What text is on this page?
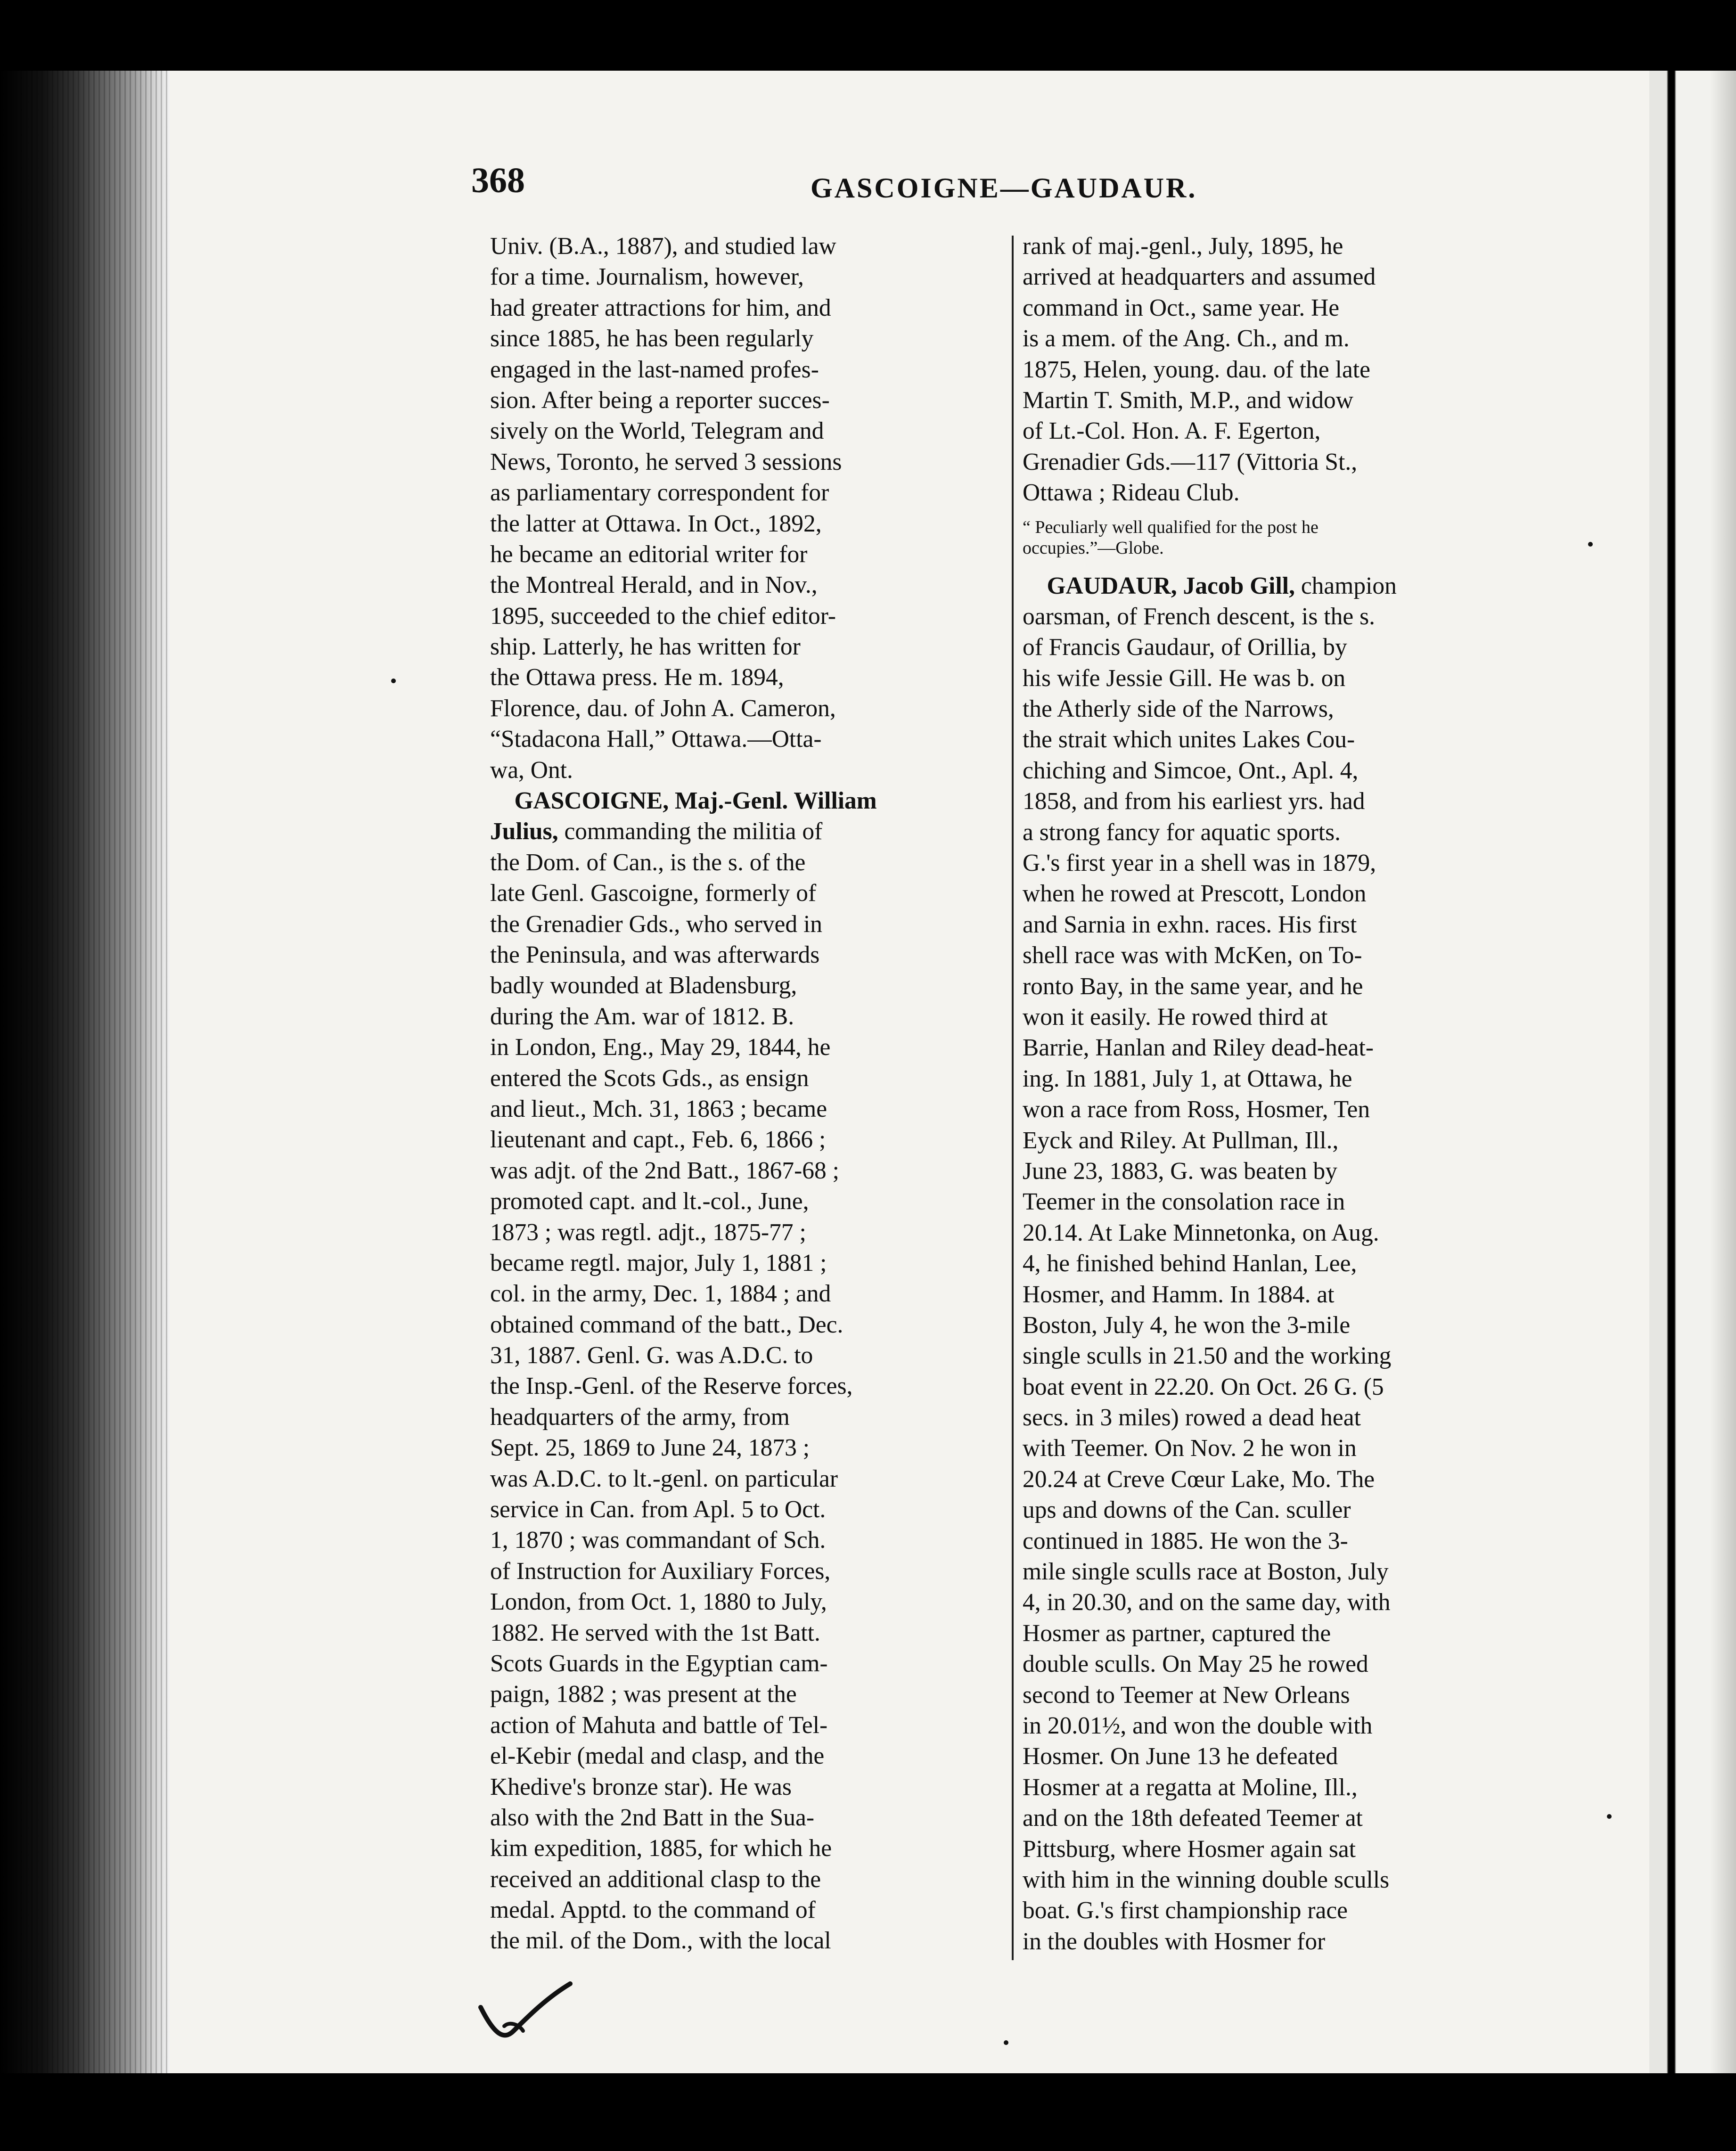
368	GASCOIGNE—GAUDAUR.
Univ. (B.A., 1887), and studied law
for a time. Journalism, however,
had greater attractions for him, and
since 1885, he has been regularly
engaged in the last-named profes-
sion. After being a reporter succes-
sively on the World, Telegram and
News, Toronto, he served 3 sessions
as parliamentary correspondent for
the latter at Ottawa. In Oct., 1892,
he became an editorial writer for
the Montreal Herald, and in Nov.,
1895, succeeded to the chief editor-
ship. Latterly, he has written for
the Ottawa press. He m. 1894,
Florence, dau. of John A. Cameron,
“Stadacona Hall,” Ottawa.—Otta-
wa, Ont.
 GASCOIGNE, Maj.-Genl. William
Julius, commanding the militia of
the Dom. of Can., is the s. of the
late Genl. Gascoigne, formerly of
the Grenadier Gds., who served in
the Peninsula, and was afterwards
badly wounded at Bladensburg,
during the Am. war of 1812. B.
in London, Eng., May 29, 1844, he
entered the Scots Gds., as ensign
and lieut., Mch. 31, 1863 ; became
lieutenant and capt., Feb. 6, 1866 ;
was adjt. of the 2nd Batt., 1867-68 ;
promoted capt. and lt.-col., June,
1873 ; was regtl. adjt., 1875-77 ;
became regtl. major, July 1, 1881 ;
col. in the army, Dec. 1, 1884 ; and
obtained command of the batt., Dec.
31, 1887. Genl. G. was A.D.C. to
the Insp.-Genl. of the Reserve forces,
headquarters of the army, from
Sept. 25, 1869 to June 24, 1873 ;
was A.D.C. to lt.-genl. on particular
service in Can. from Apl. 5 to Oct.
1, 1870 ; was commandant of Sch.
of Instruction for Auxiliary Forces,
London, from Oct. 1, 1880 to July,
1882. He served with the 1st Batt.
Scots Guards in the Egyptian cam-
paign, 1882 ; was present at the
action of Mahuta and battle of Tel-
el-Kebir (medal and clasp, and the
Khedive's bronze star). He was
also with the 2nd Batt in the Sua-
kim expedition, 1885, for which he
received an additional clasp to the
medal. Apptd. to the command of
the mil. of the Dom., with the local
rank of maj.-genl., July, 1895, he
arrived at headquarters and assumed
command in Oct., same year. He
is a mem. of the Ang. Ch., and m.
1875, Helen, young. dau. of the late
Martin T. Smith, M.P., and widow
of Lt.-Col. Hon. A. F. Egerton,
Grenadier Gds.—117 (Vittoria St.,
Ottawa ; Rideau Club.
“ Peculiarly well qualified for the post he
occupies.”—Globe.
 GAUDAUR, Jacob Gill, champion
oarsman, of French descent, is the s.
of Francis Gaudaur, of Orillia, by
his wife Jessie Gill. He was b. on
the Atherly side of the Narrows,
the strait which unites Lakes Cou-
chiching and Simcoe, Ont., Apl. 4,
1858, and from his earliest yrs. had
a strong fancy for aquatic sports.
G.'s first year in a shell was in 1879,
when he rowed at Prescott, London
and Sarnia in exhn. races. His first
shell race was with McKen, on To-
ronto Bay, in the same year, and he
won it easily. He rowed third at
Barrie, Hanlan and Riley dead-heat-
ing. In 1881, July 1, at Ottawa, he
won a race from Ross, Hosmer, Ten
Eyck and Riley. At Pullman, Ill.,
June 23, 1883, G. was beaten by
Teemer in the consolation race in
20.14. At Lake Minnetonka, on Aug.
4, he finished behind Hanlan, Lee,
Hosmer, and Hamm. In 1884. at
Boston, July 4, he won the 3-mile
single sculls in 21.50 and the working
boat event in 22.20. On Oct. 26 G. (5
secs. in 3 miles) rowed a dead heat
with Teemer. On Nov. 2 he won in
20.24 at Creve Cœur Lake, Mo. The
ups and downs of the Can. sculler
continued in 1885. He won the 3-
mile single sculls race at Boston, July
4, in 20.30, and on the same day, with
Hosmer as partner, captured the
double sculls. On May 25 he rowed
second to Teemer at New Orleans
in 20.01½, and won the double with
Hosmer. On June 13 he defeated
Hosmer at a regatta at Moline, Ill.,
and on the 18th defeated Teemer at
Pittsburg, where Hosmer again sat
with him in the winning double sculls
boat. G.'s first championship race
in the doubles with Hosmer for
